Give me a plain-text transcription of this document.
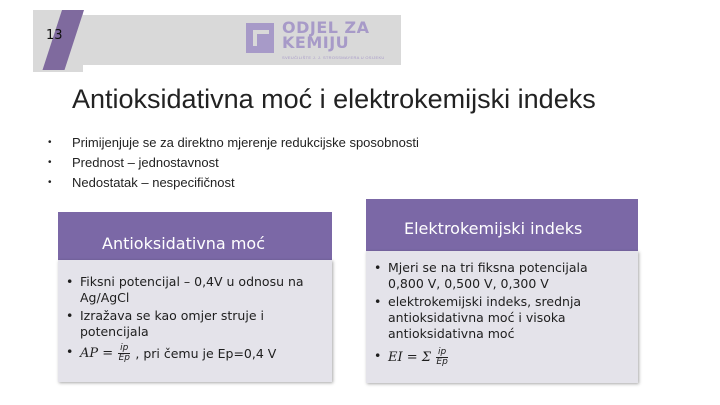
13	ODJEL ZA
KEMIJU
SVEUČILIŠTE J. J. STROSSMAYERA U OSIJEKU
Antioksidativna moć i elektrokemijski indeks
• Primijenjuje se za direktno mjerenje redukcijske sposobnosti
• Prednost – jednostavnost
• Nedostatak – nespecifičnost
Antioksidativna moć
• Fiksni potencijal – 0,4V u odnosu na Ag/AgCl
• Izražava se kao omjer struje i potencijala
• AP = $\frac{ip}{Ep}$ , pri čemu je Ep=0,4 V
Elektrokemijski indeks
• Mjeri se na tri fiksna potencijala 0,800 V, 0,500 V, 0,300 V
• elektrokemijski indeks, srednja antioksidativna moć i visoka antioksidativna moć
• EI = Σ $\frac{ip}{Ep}$
